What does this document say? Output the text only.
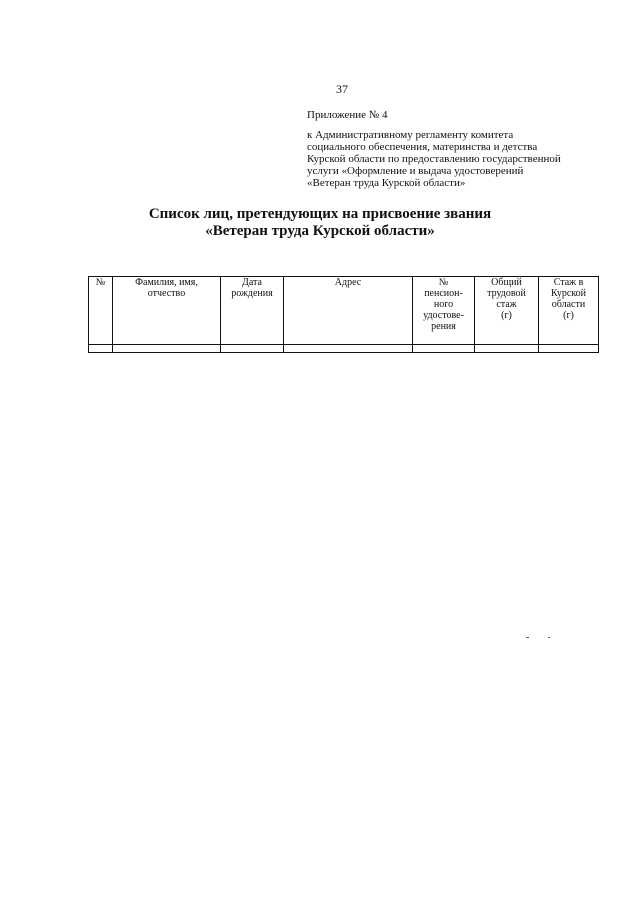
37
Приложение № 4
к Административному регламенту комитета
социального обеспечения, материнства и детства
Курской области по предоставлению государственной
услуги «Оформление и выдача удостоверений
«Ветеран труда Курской области»
Список лиц, претендующих на присвоение звания
«Ветеран труда Курской области»
№	Фамилия, имя,
отчество	Дата
рождения	Адрес	№
пенсион-
ного
удостове-
рения	Общий
трудовой
стаж
(г)	Стаж в
Курской
области
(г)
